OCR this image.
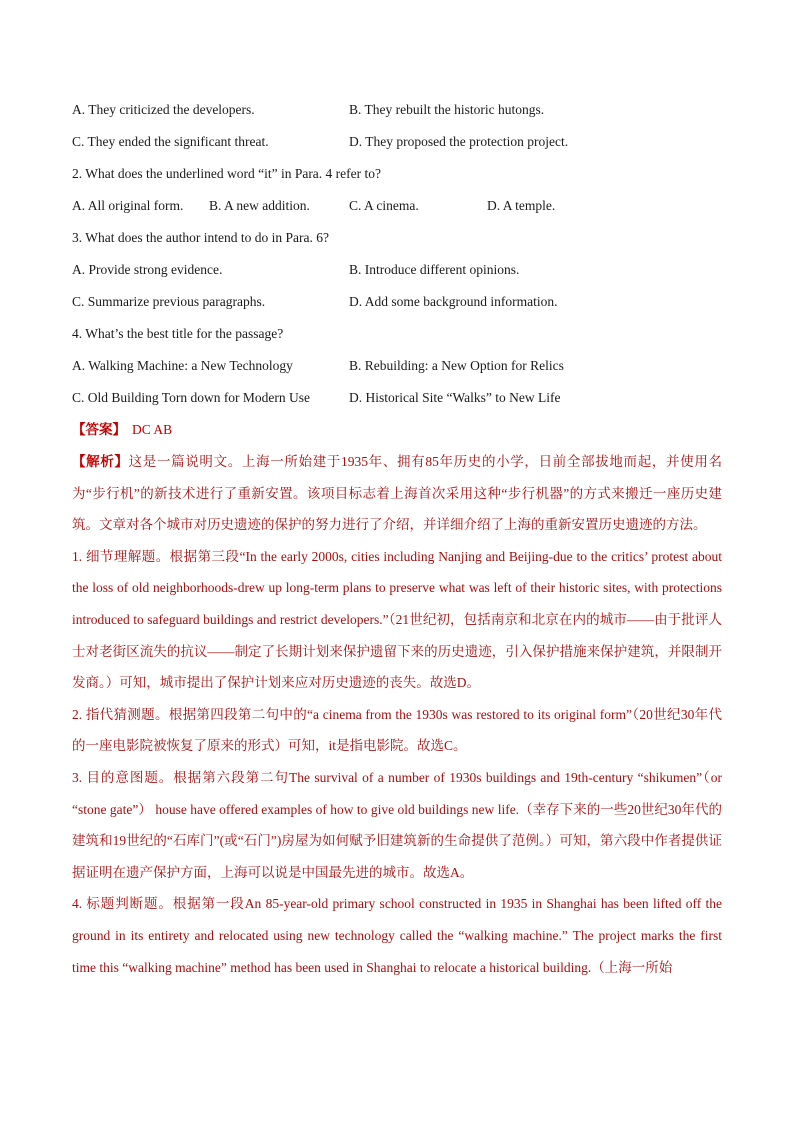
A. They criticized the developers.	B. They rebuilt the historic hutongs.
C. They ended the significant threat.	D. They proposed the protection project.
2. What does the underlined word “it” in Para. 4 refer to?
A. All original form. B. A new addition.	C. A cinema.	D. A temple.
3. What does the author intend to do in Para. 6?
A. Provide strong evidence.	B. Introduce different opinions.
C. Summarize previous paragraphs.	D. Add some background information.
4. What’s the best title for the passage?
A. Walking Machine: a New Technology	B. Rebuilding: a New Option for Relics
C. Old Building Torn down for Modern Use	D. Historical Site “Walks” to New Life
【答案】 DC AB

【解析】这是一篇说明文。上海一所始建于1935年、拥有85年历史的小学，日前全部拔地而起，并使用名为“步行机”的新技术进行了重新安置。该项目标志着上海首次采用这种“步行机器”的方式来搬迁一座历史建筑。文章对各个城市对历史遗迹的保护的努力进行了介绍，并详细介绍了上海的重新安置历史遗迹的方法。

1. 细节理解题。根据第三段“In the early 2000s, cities including Nanjing and Beijing-due to the critics’ protest about the loss of old neighborhoods-drew up long-term plans to preserve what was left of their historic sites, with protections introduced to safeguard buildings and restrict developers.”（21世纪初，包括南京和北京在内的城市——由于批评人士对老街区流失的抗议——制定了长期计划来保护遗留下来的历史遗迹，引入保护措施来保护建筑，并限制开发商。）可知，城市提出了保护计划来应对历史遗迹的丧失。故选D。

2. 指代猜测题。根据第四段第二句中的“a cinema from the 1930s was restored to its original form”（20世纪30年代的一座电影院被恢复了原来的形式）可知，it是指电影院。故选C。

3. 目的意图题。根据第六段第二句The survival of a number of 1930s buildings and 19th-century “shikumen”（or “stone gate”） house have offered examples of how to give old buildings new life.（幸存下来的一些20世纪30年代的建筑和19世纪的“石库门”(或“石门”)房屋为如何赋予旧建筑新的生命提供了范例。）可知，第六段中作者提供证据证明在遗产保护方面，上海可以说是中国最先进的城市。故选A。

4. 标题判断题。根据第一段An 85-year-old primary school constructed in 1935 in Shanghai has been lifted off the ground in its entirety and relocated using new technology called the “walking machine.” The project marks the first time this “walking machine” method has been used in Shanghai to relocate a historical building.（上海一所始
